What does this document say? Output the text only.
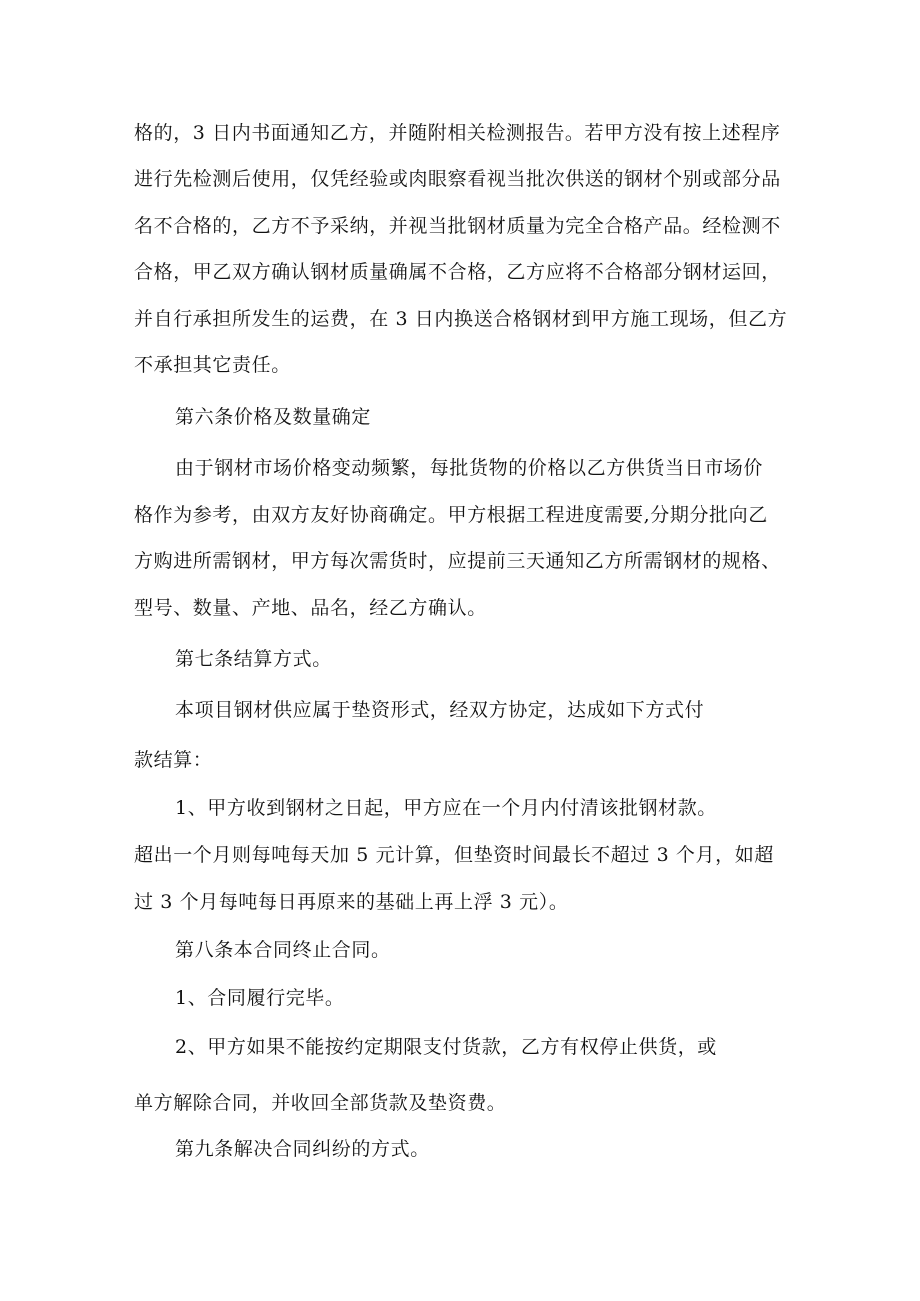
格的，3 日内书面通知乙方，并随附相关检测报告。若甲方没有按上述程序
进行先检测后使用，仅凭经验或肉眼察看视当批次供送的钢材个别或部分品
名不合格的，乙方不予采纳，并视当批钢材质量为完全合格产品。经检测不
合格，甲乙双方确认钢材质量确属不合格，乙方应将不合格部分钢材运回，
并自行承担所发生的运费，在 3 日内换送合格钢材到甲方施工现场，但乙方
不承担其它责任。
第六条价格及数量确定
由于钢材市场价格变动频繁，每批货物的价格以乙方供货当日市场价
格作为参考，由双方友好协商确定。甲方根据工程进度需要,分期分批向乙
方购进所需钢材，甲方每次需货时，应提前三天通知乙方所需钢材的规格、
型号、数量、产地、品名，经乙方确认。
第七条结算方式。
本项目钢材供应属于垫资形式，经双方协定，达成如下方式付
款结算：
1、甲方收到钢材之日起，甲方应在一个月内付清该批钢材款。
超出一个月则每吨每天加 5 元计算，但垫资时间最长不超过 3 个月，如超
过 3 个月每吨每日再原来的基础上再上浮 3 元）。
第八条本合同终止合同。
1、合同履行完毕。
2、甲方如果不能按约定期限支付货款，乙方有权停止供货，或
单方解除合同，并收回全部货款及垫资费。
第九条解决合同纠纷的方式。
